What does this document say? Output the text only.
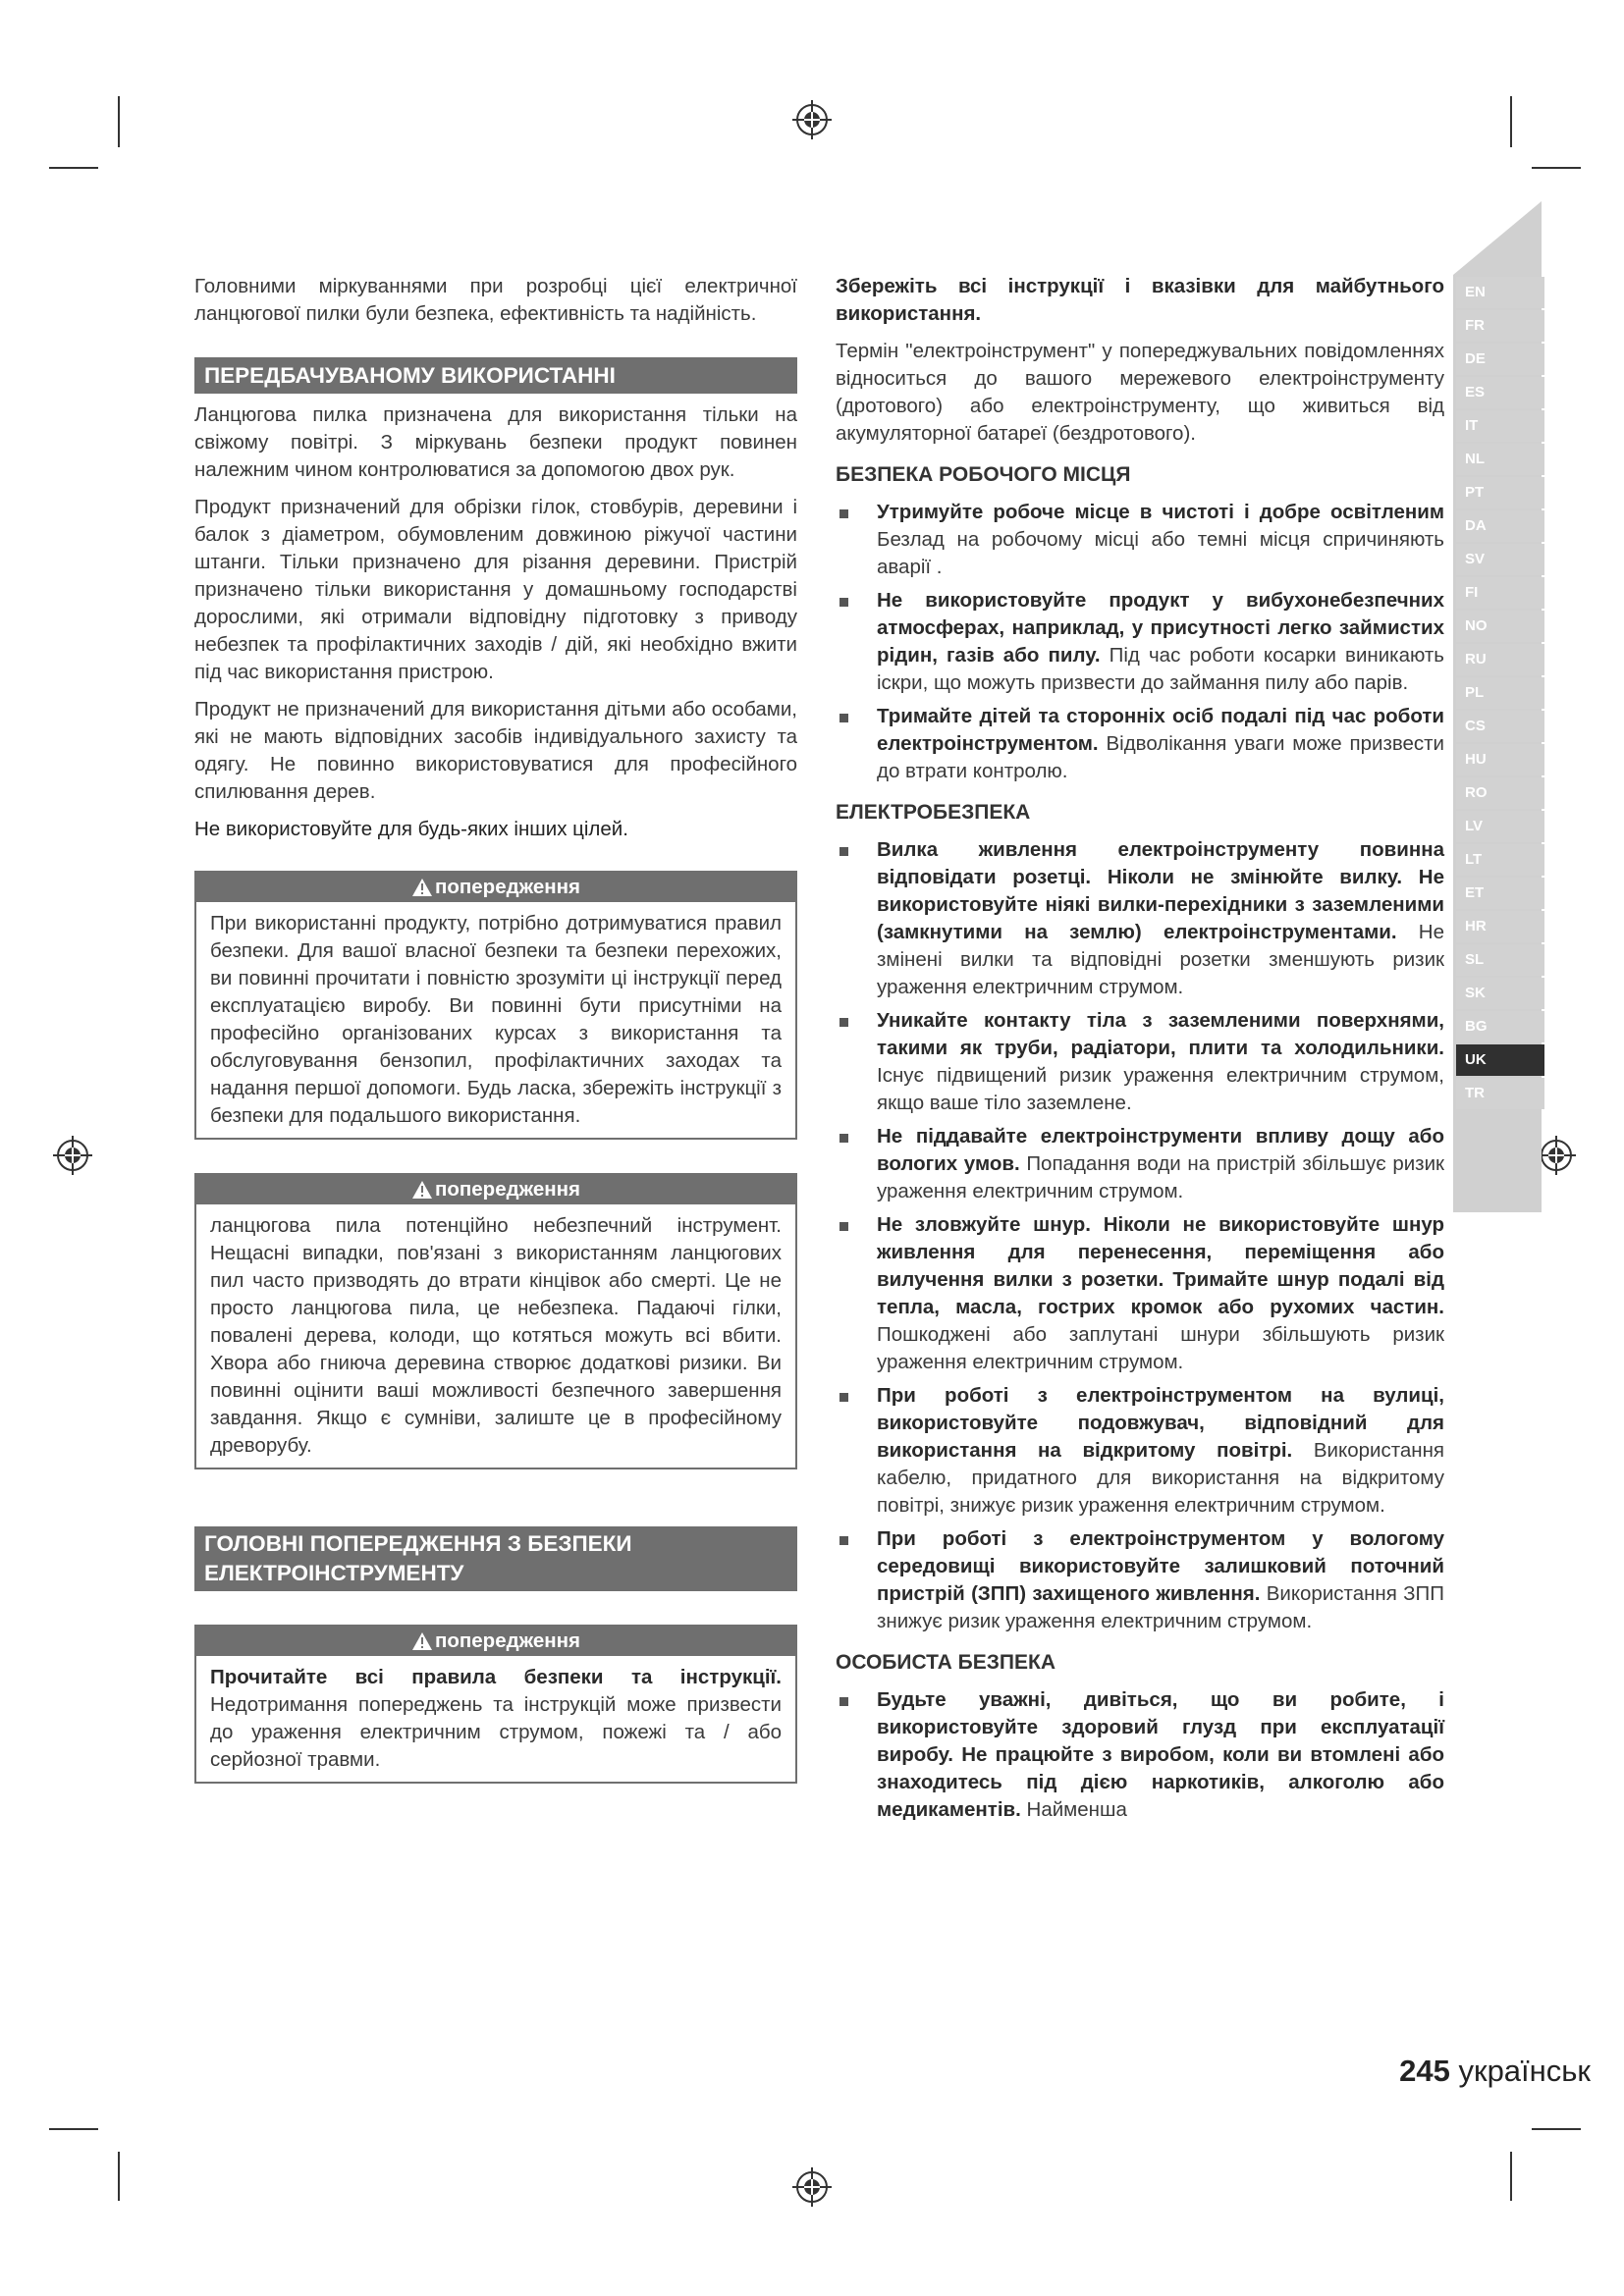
EN
FR
DE
ES
IT
NL
PT
DA
SV
FI
NO
RU
PL
CS
HU
RO
LV
LT
ET
HR
SL
SK
BG
UK
TR

Головними міркуваннями при розробці цієї електричної ланцюгової пилки були безпека, ефективність та надійність.

ПЕРЕДБАЧУВАНОМУ ВИКОРИСТАННІ

Ланцюгова пилка призначена для використання тільки на свіжому повітрі. З міркувань безпеки продукт повинен належним чином контролюватися за допомогою двох рук.

Продукт призначений для обрізки гілок, стовбурів, деревини і балок з діаметром, обумовленим довжиною ріжучої частини штанги. Тільки призначено для різання деревини. Пристрій призначено тільки використання у домашньому господарстві дорослими, які отримали відповідну підготовку з приводу небезпек та профілактичних заходів / дій, які необхідно вжити під час використання пристрою.

Продукт не призначений для використання дітьми або особами, які не мають відповідних засобів індивідуального захисту та одягу. Не повинно використовуватися для професійного спилювання дерев.

Не використовуйте для будь-яких інших цілей.

попередження

При використанні продукту, потрібно дотримуватися правил безпеки. Для вашої власної безпеки та безпеки перехожих, ви повинні прочитати і повністю зрозуміти ці інструкції перед експлуатацією виробу. Ви повинні бути присутніми на професійно організованих курсах з використання та обслуговування бензопил, профілактичних заходах та надання першої допомоги. Будь ласка, збережіть інструкції з безпеки для подальшого використання.

попередження

ланцюгова пила потенційно небезпечний інструмент. Нещасні випадки, пов'язані з використанням ланцюгових пил часто призводять до втрати кінцівок або смерті. Це не просто ланцюгова пила, це небезпека. Падаючі гілки, повалені дерева, колоди, що котяться можуть всі вбити. Хвора або гниюча деревина створює додаткові ризики. Ви повинні оцінити ваші можливості безпечного завершення завдання. Якщо є сумніви, залиште це в професійному древорубу.

ГОЛОВНІ ПОПЕРЕДЖЕННЯ З БЕЗПЕКИ
ЕЛЕКТРОІНСТРУМЕНТУ
попередження

Прочитайте всі правила безпеки та інструкції. Недотримання попереджень та інструкцій може призвести до ураження електричним струмом, пожежі та / або серйозної травми.

Збережіть всі інструкції і вказівки для майбутнього використання.

Термін "електроінструмент" у попереджувальних повідомленнях відноситься до вашого мережевого електроінструменту (дротового) або електроінструменту, що живиться від акумуляторної батареї (бездротового).

БЕЗПЕКА РОБОЧОГО МІСЦЯ
Утримуйте робоче місце в чистоті і добре освітленим Безлад на робочому місці або темні місця спричиняють аварії .
Не використовуйте продукт у вибухонебезпечних атмосферах, наприклад, у присутності легко займистих рідин, газів або пилу. Під час роботи косарки виникають іскри, що можуть призвести до займання пилу або парів.
Тримайте дітей та сторонніх осіб подалі під час роботи електроінструментом. Відволікання уваги може призвести до втрати контролю.
ЕЛЕКТРОБЕЗПЕКА
Вилка живлення електроінструменту повинна відповідати розетці. Ніколи не змінюйте вилку. Не використовуйте ніякі вилки-перехідники з заземленими (замкнутими на землю) електроінструментами. Не змінені вилки та відповідні розетки зменшують ризик ураження електричним струмом.
Уникайте контакту тіла з заземленими поверхнями, такими як труби, радіатори, плити та холодильники. Існує підвищений ризик ураження електричним струмом, якщо ваше тіло заземлене.
Не піддавайте електроінструменти впливу дощу або вологих умов. Попадання води на пристрій збільшує ризик ураження електричним струмом.
Не зловжуйте шнур. Ніколи не використовуйте шнур живлення для перенесення, переміщення або вилучення вилки з розетки. Тримайте шнур подалі від тепла, масла, гострих кромок або рухомих частин. Пошкоджені або заплутані шнури збільшують ризик ураження електричним струмом.
При роботі з електроінструментом на вулиці, використовуйте подовжувач, відповідний для використання на відкритому повітрі. Використання кабелю, придатного для використання на відкритому повітрі, знижує ризик ураження електричним струмом.
При роботі з електроінструментом у вологому середовищі використовуйте залишковий поточний пристрій (ЗПП) захищеного живлення. Використання ЗПП знижує ризик ураження електричним струмом.
ОСОБИСТА БЕЗПЕКА
Будьте уважні, дивіться, що ви робите, і використовуйте здоровий глузд при експлуатації виробу. Не працюйте з виробом, коли ви втомлені або знаходитесь під дією наркотиків, алкоголю або медикаментів. Найменша
245 українськ
